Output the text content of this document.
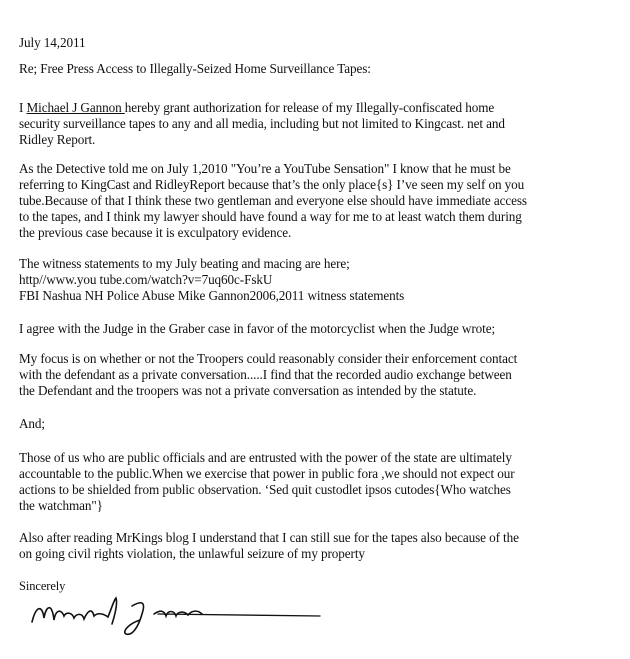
July 14,2011

Re; Free Press Access to Illegally-Seized Home Surveillance Tapes:

I Michael J Gannon hereby grant authorization for release of my Illegally-confiscated home

security surveillance tapes to any and all media, including but not limited to Kingcast. net and

Ridley Report.

As the Detective told me on July 1,2010 "You’re a YouTube Sensation" I know that he must be

referring to KingCast and RidleyReport because that’s the only place{s} I’ve seen my self on you

tube.Because of that I think these two gentleman and everyone else should have immediate access

to the tapes, and I think my lawyer should have found a way for me to at least watch them during

the previous case because it is exculpatory evidence.

The witness statements to my July beating and macing are here;

http//www.you tube.com/watch?v=7uq60c-FskU

FBI Nashua NH Police Abuse Mike Gannon2006,2011 witness statements

I agree with the Judge in the Graber case in favor of the motorcyclist when the Judge wrote;

My focus is on whether or not the Troopers could reasonably consider their enforcement contact

with the defendant as a private conversation.....I find that the recorded audio exchange between

the Defendant and the troopers was not a private conversation as intended by the statute.

And;

Those of us who are public officials and are entrusted with the power of the state are ultimately

accountable to the public.When we exercise that power in public fora ,we should not expect our

actions to be shielded from public observation. ‘Sed quit custodlet ipsos cutodes{Who watches

the watchman"}

Also after reading MrKings blog I understand that I can still sue for the tapes also because of the

on going civil rights violation, the unlawful seizure of my property

Sincerely
